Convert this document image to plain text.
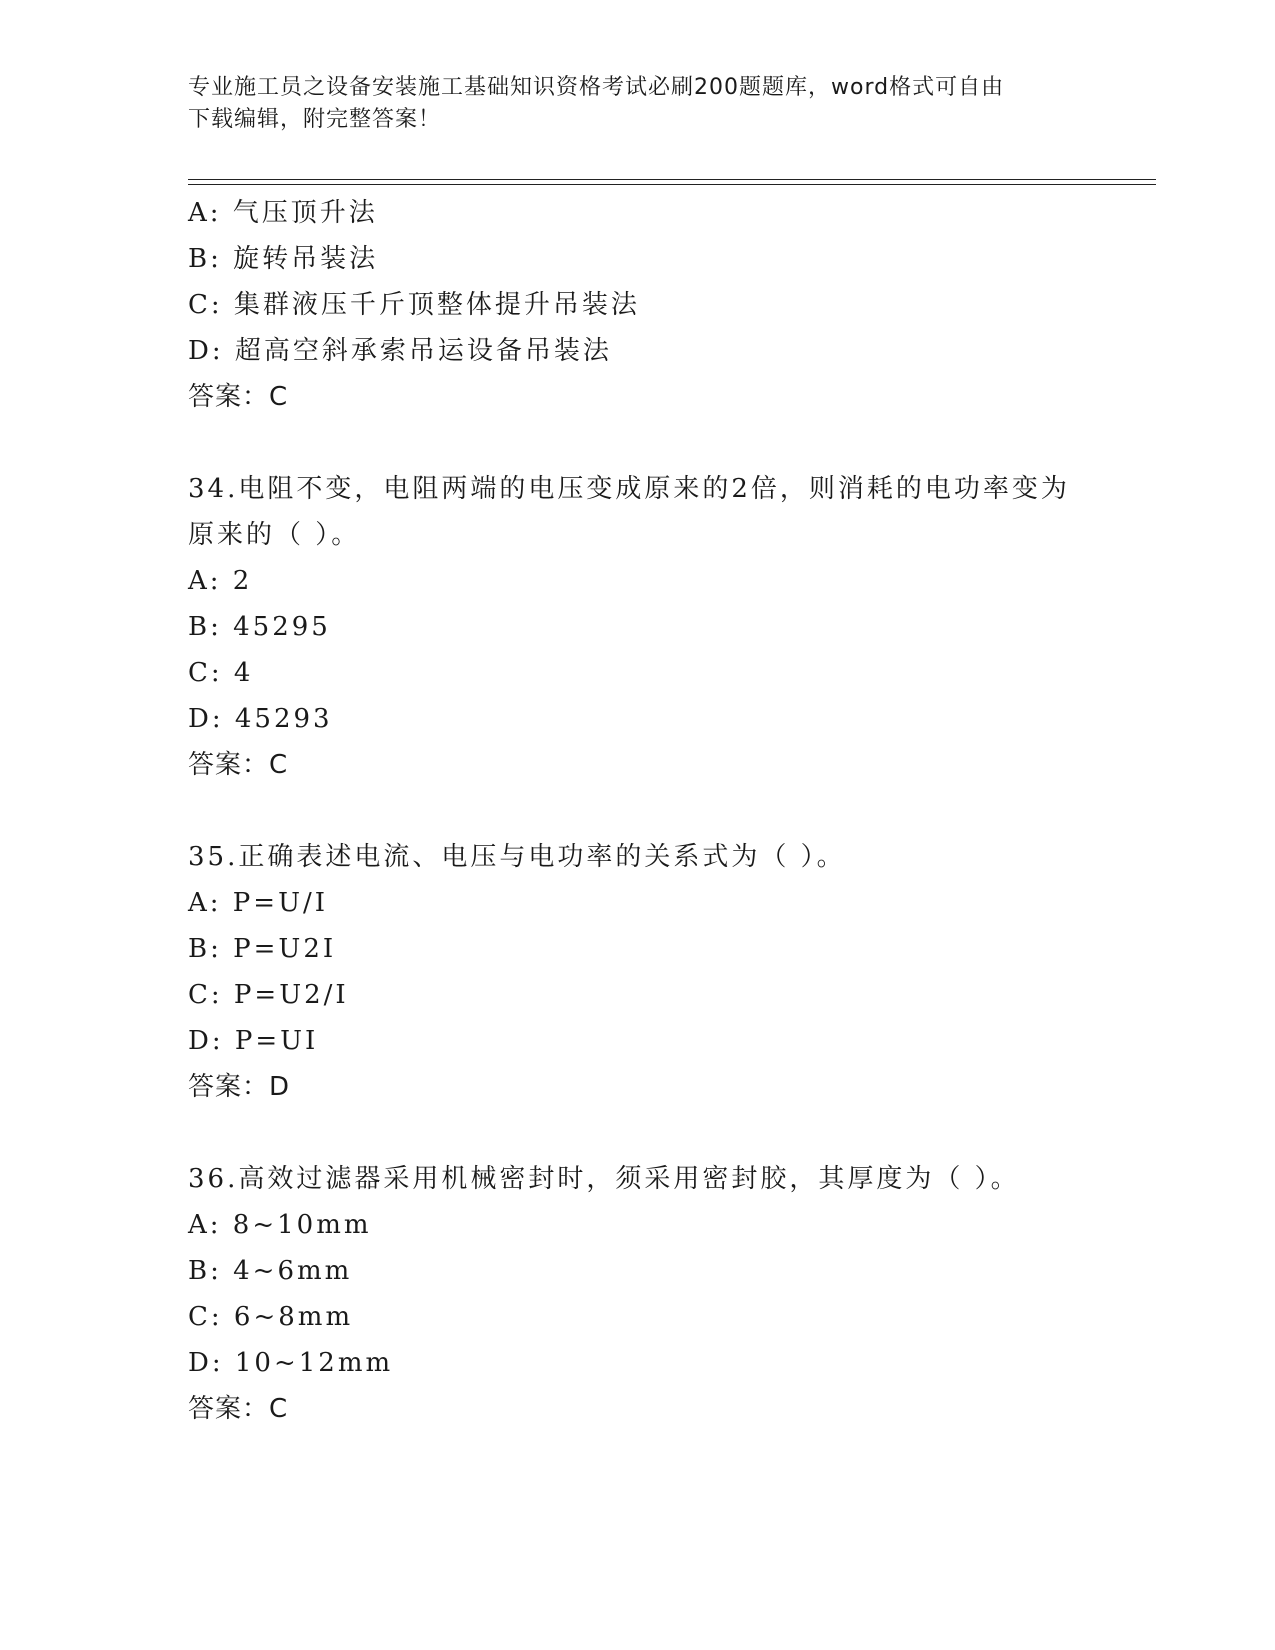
专业施工员之设备安装施工基础知识资格考试必刷200题题库，word格式可自由
下载编辑，附完整答案！
A: 气压顶升法
B: 旋转吊装法
C: 集群液压千斤顶整体提升吊装法
D: 超高空斜承索吊运设备吊装法
答案：C
34.电阻不变，电阻两端的电压变成原来的2倍，则消耗的电功率变为
原来的（ ）。
A: 2
B: 45295
C: 4
D: 45293
答案：C
35.正确表述电流、电压与电功率的关系式为（ ）。
A: P=U/I
B: P=U2I
C: P=U2/I
D: P=UI
答案：D
36.高效过滤器采用机械密封时，须采用密封胶，其厚度为（ ）。
A: 8~10mm
B: 4~6mm
C: 6~8mm
D: 10~12mm
答案：C
